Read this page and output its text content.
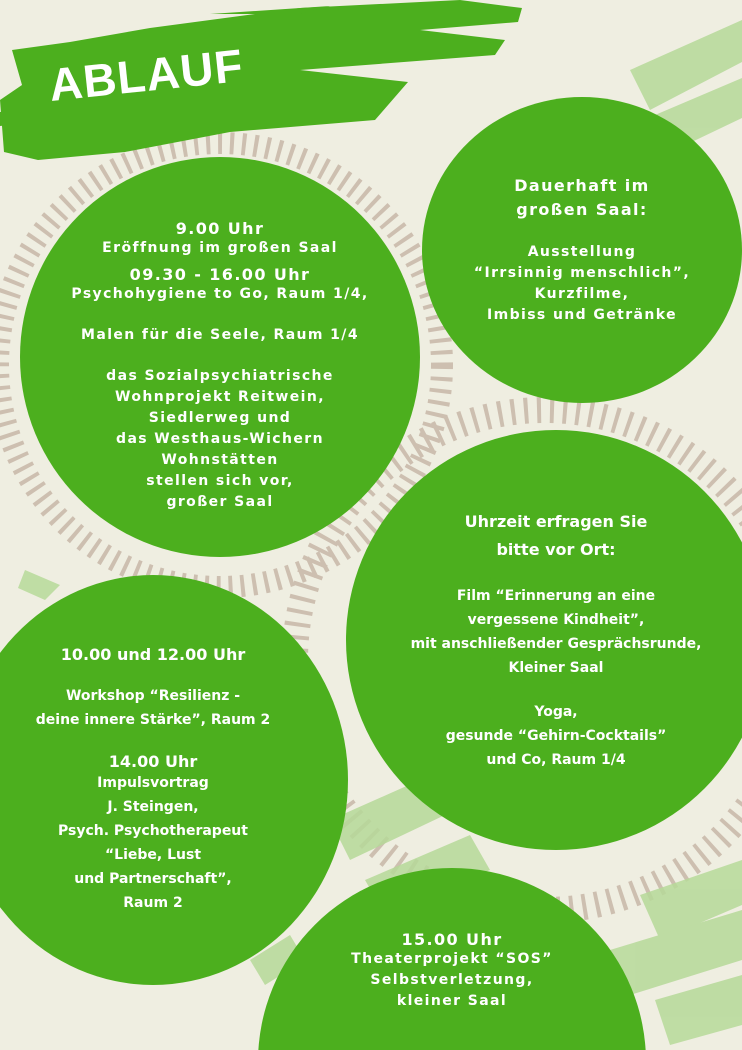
ABLAUF

9.00 Uhr

Eröffnung im großen Saal

09.30 - 16.00 Uhr

Psychohygiene to Go, Raum 1/4,

Malen für die Seele, Raum 1/4

das Sozialpsychiatrische
Wohnprojekt Reitwein,
Siedlerweg und
das Westhaus-Wichern
Wohnstätten
stellen sich vor,
großer Saal

Dauerhaft im
großen Saal:

Ausstellung
“Irrsinnig menschlich”,
Kurzfilme,
Imbiss und Getränke

Uhrzeit erfragen Sie
bitte vor Ort:

Film “Erinnerung an eine
vergessene Kindheit”,
mit anschließender Gesprächsrunde,
Kleiner Saal

Yoga,
gesunde “Gehirn-Cocktails”
und Co, Raum 1/4

10.00 und 12.00 Uhr

Workshop “Resilienz -
deine innere Stärke”, Raum 2

14.00 Uhr

Impulsvortrag
J. Steingen,
Psych. Psychotherapeut
“Liebe, Lust
und Partnerschaft”,
Raum 2

15.00 Uhr

Theaterprojekt “SOS”
Selbstverletzung,
kleiner Saal
